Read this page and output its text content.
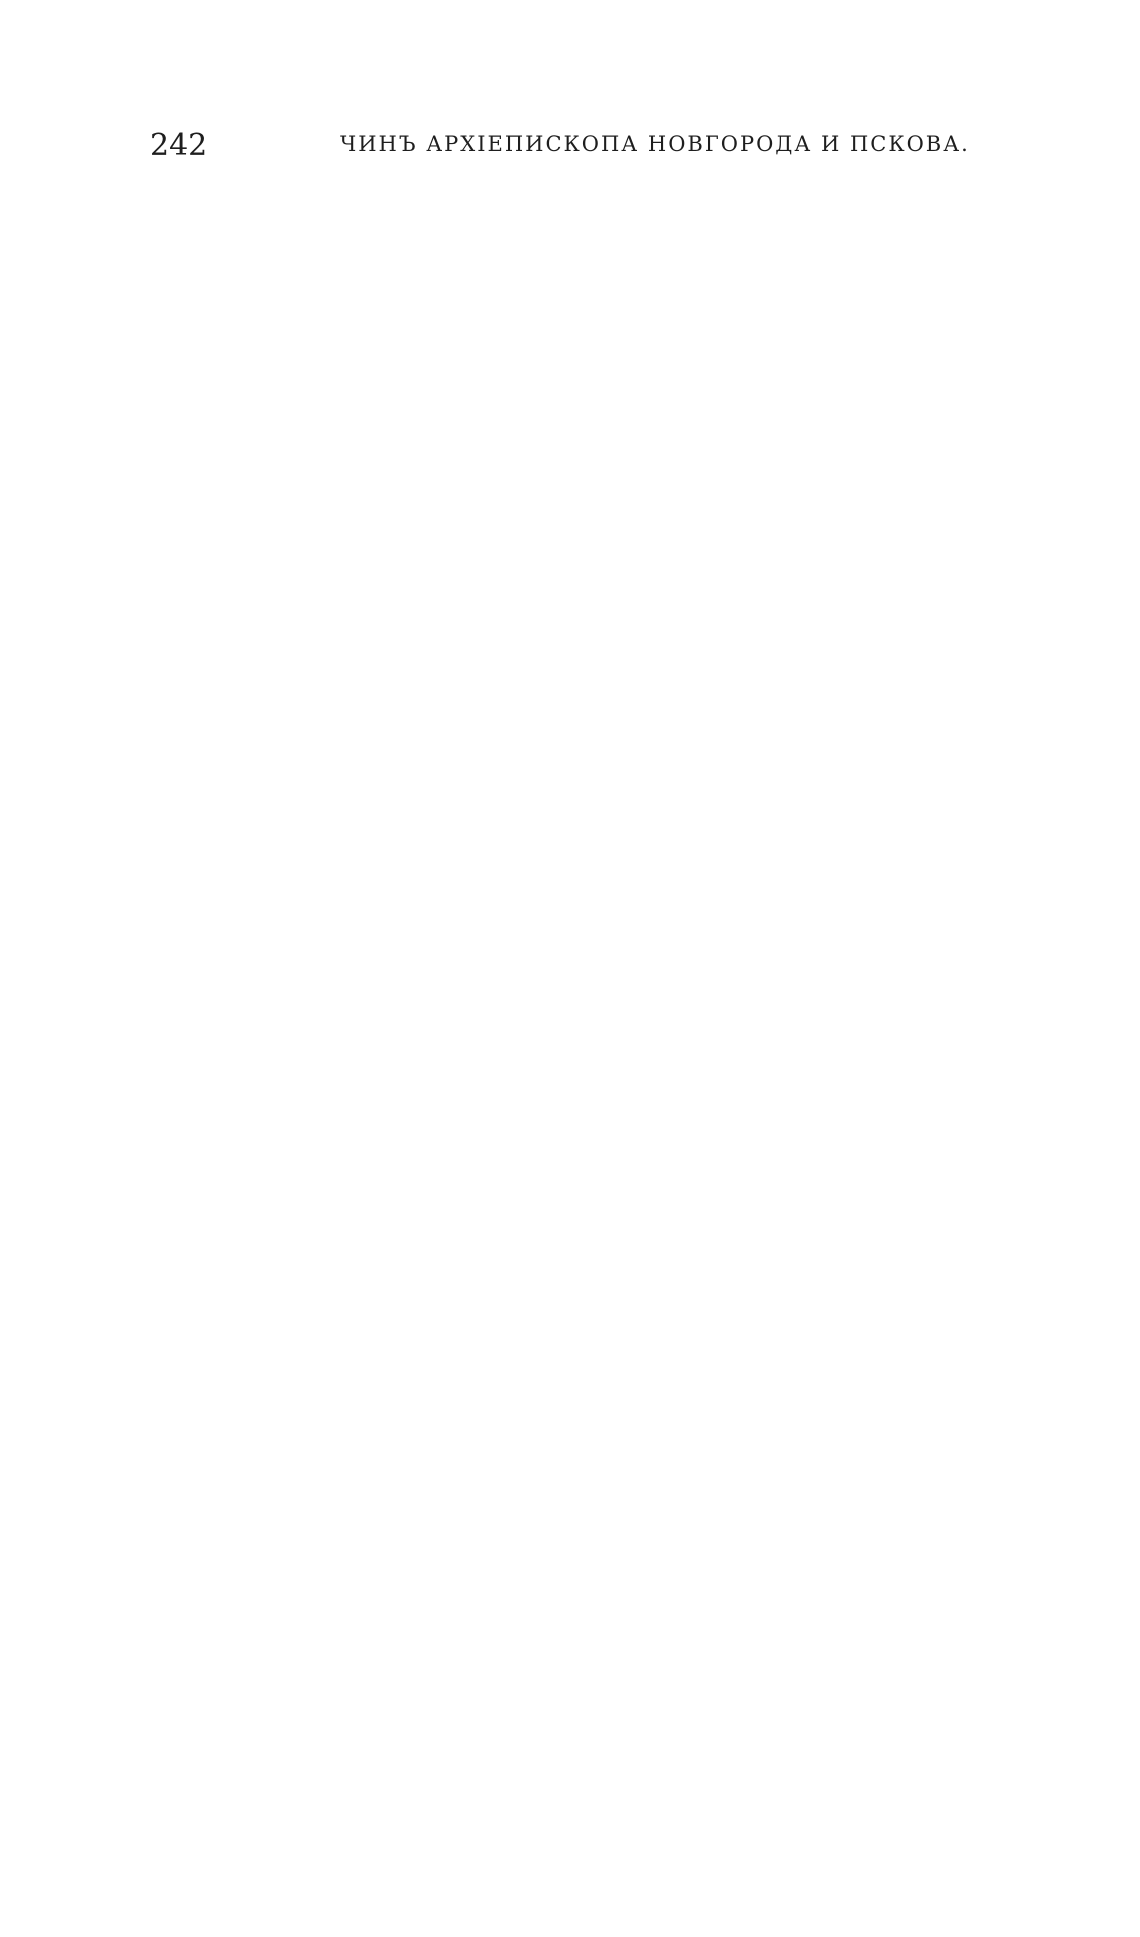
242	ЧИНЪ АРХІЕПИСКОПА НОВГОРОДА И ПСКОВА.
